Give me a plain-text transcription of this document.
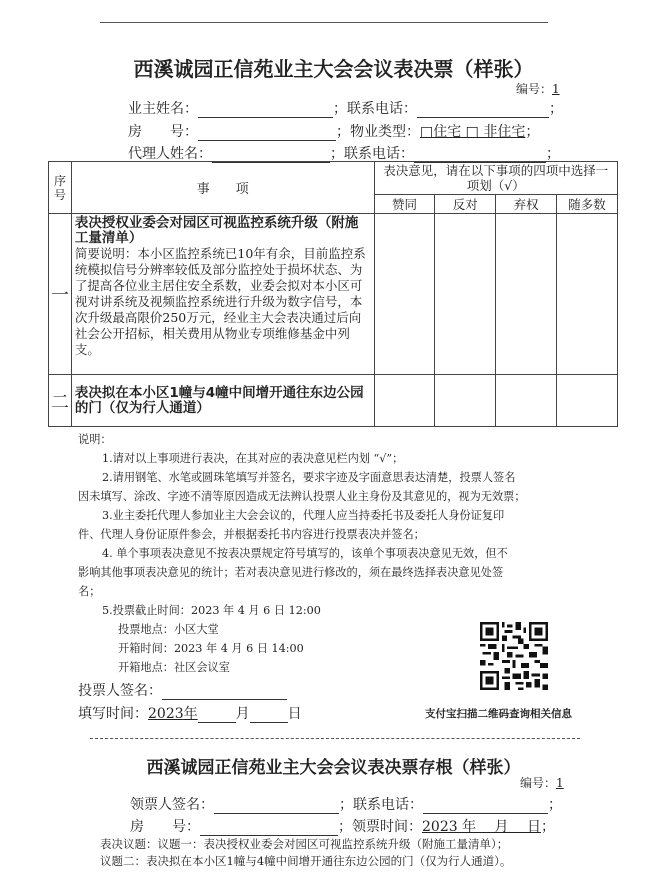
西溪诚园正信苑业主大会会议表决票（样张）
编号：1
业主姓名：	；联系电话：	；
房　　号：	；物业类型：□住宅 □ 非住宅；
代理人姓名：	；联系电话：	；
序号	事　　项	表决意见，请在以下事项的四项中选择一项划（√）			
		赞同	反对	弃权	随多数
一	表决授权业委会对园区可视监控系统升级（附施工量清单）
简要说明：本小区监控系统已10年有余，目前监控系统模拟信号分辨率较低及部分监控处于损坏状态、为了提高各位业主居住安全系数，业委会拟对本小区可视对讲系统及视频监控系统进行升级为数字信号，本次升级最高限价250万元，经业主大会表决通过后向社会公开招标，相关费用从物业专项维修基金中列支。				
二	表决拟在本小区1幢与4幢中间增开通往东边公园的门（仅为行人通道）				
说明：
1.请对以上事项进行表决，在其对应的表决意见栏内划 “√”；
2.请用钢笔、水笔或圆珠笔填写并签名，要求字迹及字面意思表达清楚，投票人签名
因未填写、涂改、字迹不清等原因造成无法辨认投票人业主身份及其意见的，视为无效票；
3.业主委托代理人参加业主大会会议的，代理人应当持委托书及委托人身份证复印
件、代理人身份证原件参会，并根据委托书内容进行投票表决并签名；
4. 单个事项表决意见不按表决票规定符号填写的，该单个事项表决意见无效，但不
影响其他事项表决意见的统计；若对表决意见进行修改的，须在最终选择表决意见处签
名；
5.投票截止时间：2023 年 4 月 6 日 12:00
投票地点：小区大堂
开箱时间：2023 年 4 月 6 日 14:00
开箱地点：社区会议室
投票人签名：
填写时间：2023年	月	日	支付宝扫描二维码查询相关信息
西溪诚园正信苑业主大会会议表决票存根（样张）
编号：1
领票人签名：	；联系电话：	；
房　　号：	；领票时间：2023 年　 月　 日；
表决议题：议题一：表决授权业委会对园区可视监控系统升级（附施工量清单）；
议题二：表决拟在本小区1幢与4幢中间增开通往东边公园的门（仅为行人通道）。
